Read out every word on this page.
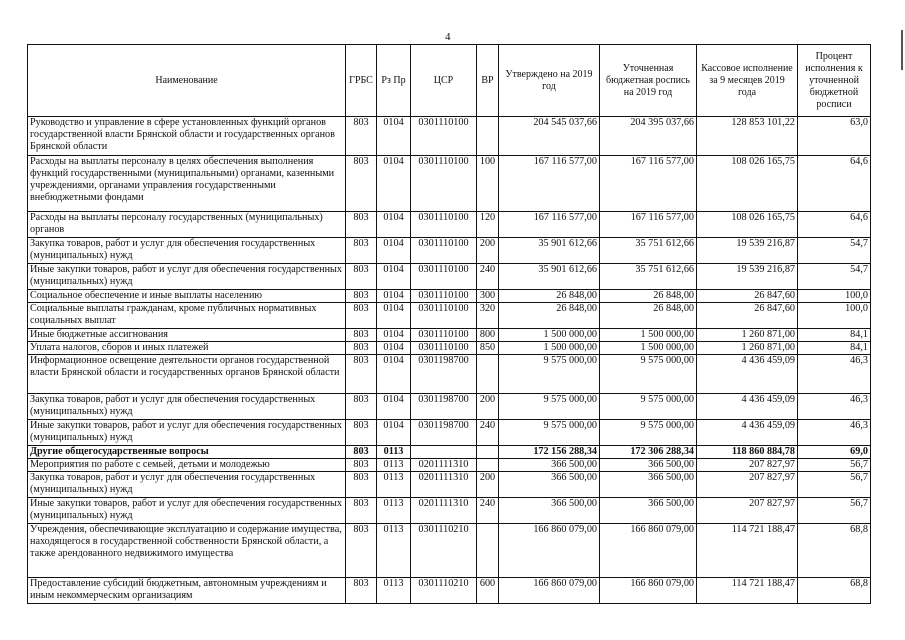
4
Наименование	ГРБС	Рз Пр	ЦСР	ВР	Утверждено на 2019 год	Уточненная бюджетная роспись на 2019 год	Кассовое исполнение за 9 месяцев 2019 года	Процент исполнения к уточненной бюджетной росписи
Руководство и управление в сфере установленных функций органов государственной власти Брянской области и государственных органов Брянской области	803	0104	0301110100		204 545 037,66	204 395 037,66	128 853 101,22	63,0
Расходы на выплаты персоналу в целях обеспечения выполнения функций государственными (муниципальными) органами, казенными учреждениями, органами управления государственными внебюджетными фондами	803	0104	0301110100	100	167 116 577,00	167 116 577,00	108 026 165,75	64,6
Расходы на выплаты персоналу государственных (муниципальных) органов	803	0104	0301110100	120	167 116 577,00	167 116 577,00	108 026 165,75	64,6
Закупка товаров, работ и услуг для обеспечения государственных (муниципальных) нужд	803	0104	0301110100	200	35 901 612,66	35 751 612,66	19 539 216,87	54,7
Иные закупки товаров, работ и услуг для обеспечения государственных (муниципальных) нужд	803	0104	0301110100	240	35 901 612,66	35 751 612,66	19 539 216,87	54,7
Социальное обеспечение и иные выплаты населению	803	0104	0301110100	300	26 848,00	26 848,00	26 847,60	100,0
Социальные выплаты гражданам, кроме публичных нормативных социальных выплат	803	0104	0301110100	320	26 848,00	26 848,00	26 847,60	100,0
Иные бюджетные ассигнования	803	0104	0301110100	800	1 500 000,00	1 500 000,00	1 260 871,00	84,1
Уплата налогов, сборов и иных платежей	803	0104	0301110100	850	1 500 000,00	1 500 000,00	1 260 871,00	84,1
Информационное освещение деятельности органов государственной власти Брянской области и государственных органов Брянской области	803	0104	0301198700		9 575 000,00	9 575 000,00	4 436 459,09	46,3
Закупка товаров, работ и услуг для обеспечения государственных (муниципальных) нужд	803	0104	0301198700	200	9 575 000,00	9 575 000,00	4 436 459,09	46,3
Иные закупки товаров, работ и услуг для обеспечения государственных (муниципальных) нужд	803	0104	0301198700	240	9 575 000,00	9 575 000,00	4 436 459,09	46,3
Другие общегосударственные вопросы	803	0113			172 156 288,34	172 306 288,34	118 860 884,78	69,0
Мероприятия по работе с семьей, детьми и молодежью	803	0113	0201111310		366 500,00	366 500,00	207 827,97	56,7
Закупка товаров, работ и услуг для обеспечения государственных (муниципальных) нужд	803	0113	0201111310	200	366 500,00	366 500,00	207 827,97	56,7
Иные закупки товаров, работ и услуг для обеспечения государственных (муниципальных) нужд	803	0113	0201111310	240	366 500,00	366 500,00	207 827,97	56,7
Учреждения, обеспечивающие эксплуатацию и содержание имущества, находящегося в государственной собственности Брянской области, а также арендованного недвижимого имущества	803	0113	0301110210		166 860 079,00	166 860 079,00	114 721 188,47	68,8
Предоставление субсидий бюджетным, автономным учреждениям и иным некоммерческим организациям	803	0113	0301110210	600	166 860 079,00	166 860 079,00	114 721 188,47	68,8
